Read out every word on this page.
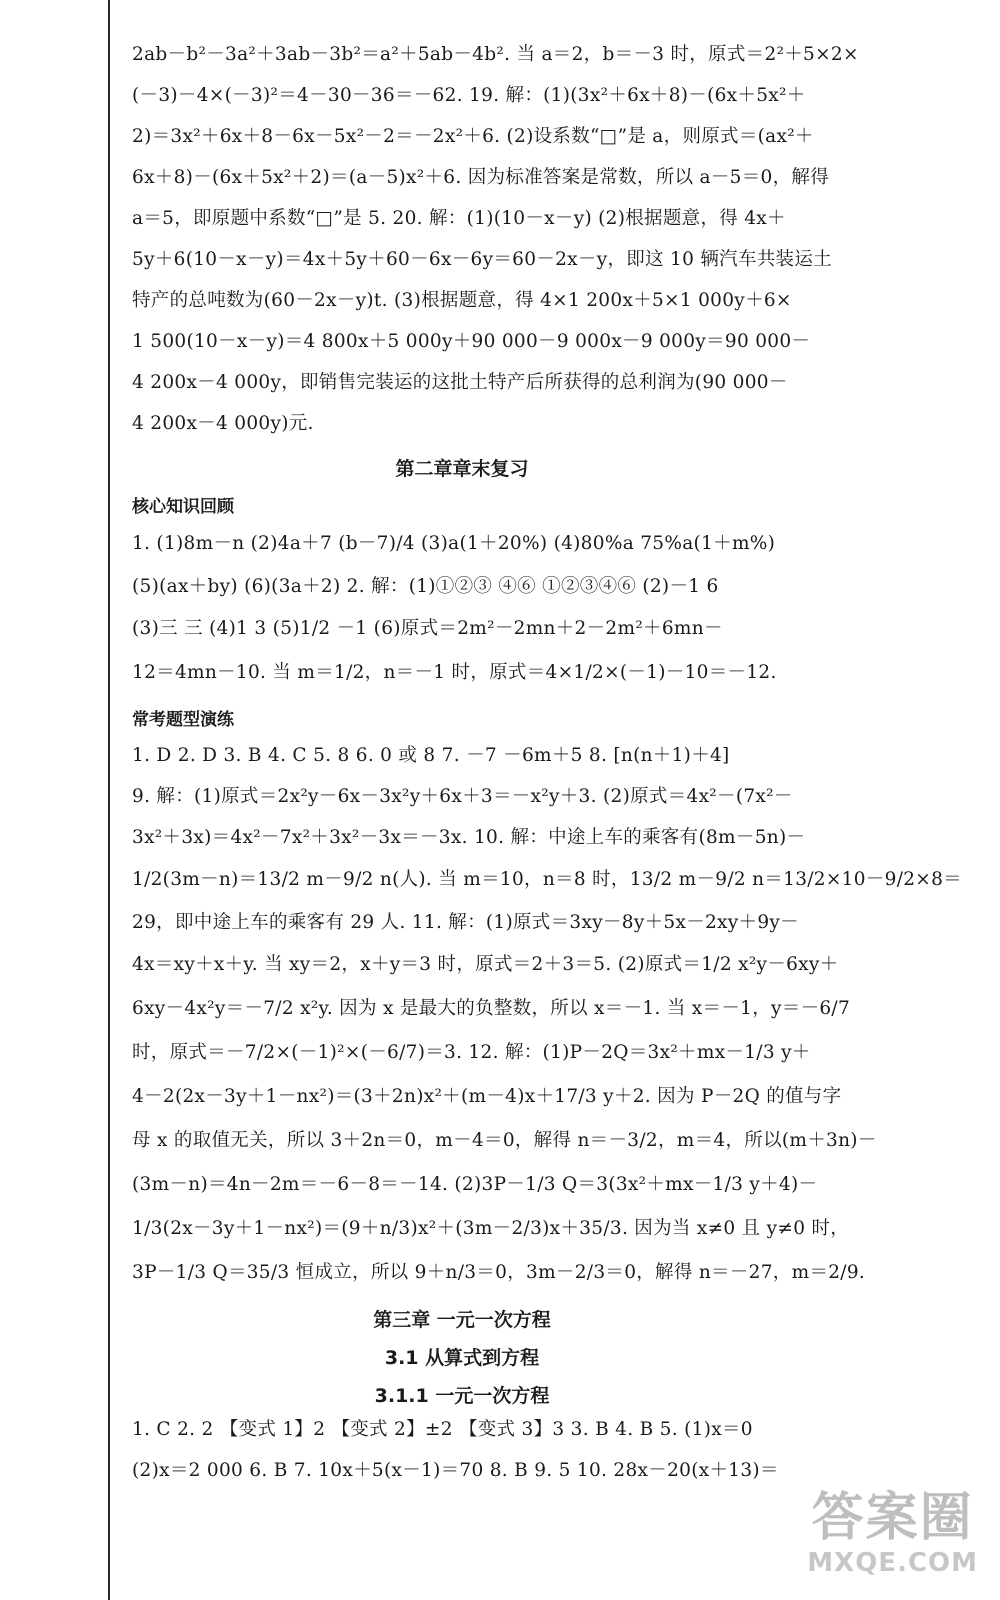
2ab－b²－3a²＋3ab－3b²＝a²＋5ab－4b². 当 a＝2，b＝－3 时，原式＝2²＋5×2×
(－3)－4×(－3)²＝4－30－36＝－62. 19. 解：(1)(3x²＋6x＋8)－(6x＋5x²＋
2)＝3x²＋6x＋8－6x－5x²－2＝－2x²＋6. (2)设系数“□”是 a，则原式＝(ax²＋
6x＋8)－(6x＋5x²＋2)＝(a－5)x²＋6. 因为标准答案是常数，所以 a－5＝0，解得
a＝5，即原题中系数“□”是 5. 20. 解：(1)(10－x－y) (2)根据题意，得 4x＋
5y＋6(10－x－y)＝4x＋5y＋60－6x－6y＝60－2x－y，即这 10 辆汽车共装运土
特产的总吨数为(60－2x－y)t. (3)根据题意，得 4×1 200x＋5×1 000y＋6×
1 500(10－x－y)＝4 800x＋5 000y＋90 000－9 000x－9 000y＝90 000－
4 200x－4 000y，即销售完装运的这批土特产后所获得的总利润为(90 000－
4 200x－4 000y)元.
第二章章末复习
核心知识回顾
1. (1)8m－n (2)4a＋7 (b－7)/4 (3)a(1＋20%) (4)80%a 75%a(1＋m%)
(5)(ax＋by) (6)(3a＋2) 2. 解：(1)①②③ ④⑥ ①②③④⑥ (2)－1 6
(3)三 三 (4)1 3 (5)1/2 －1 (6)原式＝2m²－2mn＋2－2m²＋6mn－
12＝4mn－10. 当 m＝1/2，n＝－1 时，原式＝4×1/2×(－1)－10＝－12.
常考题型演练
1. D 2. D 3. B 4. C 5. 8 6. 0 或 8 7. －7 －6m＋5 8. [n(n＋1)＋4]
9. 解：(1)原式＝2x²y－6x－3x²y＋6x＋3＝－x²y＋3. (2)原式＝4x²－(7x²－
3x²＋3x)＝4x²－7x²＋3x²－3x＝－3x. 10. 解：中途上车的乘客有(8m－5n)－
1/2(3m－n)＝13/2 m－9/2 n(人). 当 m＝10，n＝8 时，13/2 m－9/2 n＝13/2×10－9/2×8＝
29，即中途上车的乘客有 29 人. 11. 解：(1)原式＝3xy－8y＋5x－2xy＋9y－
4x＝xy＋x＋y. 当 xy＝2，x＋y＝3 时，原式＝2＋3＝5. (2)原式＝1/2 x²y－6xy＋
6xy－4x²y＝－7/2 x²y. 因为 x 是最大的负整数，所以 x＝－1. 当 x＝－1，y＝－6/7
时，原式＝－7/2×(－1)²×(－6/7)＝3. 12. 解：(1)P－2Q＝3x²＋mx－1/3 y＋
4－2(2x－3y＋1－nx²)＝(3＋2n)x²＋(m－4)x＋17/3 y＋2. 因为 P－2Q 的值与字
母 x 的取值无关，所以 3＋2n＝0，m－4＝0，解得 n＝－3/2，m＝4，所以(m＋3n)－
(3m－n)＝4n－2m＝－6－8＝－14. (2)3P－1/3 Q＝3(3x²＋mx－1/3 y＋4)－
1/3(2x－3y＋1－nx²)＝(9＋n/3)x²＋(3m－2/3)x＋35/3. 因为当 x≠0 且 y≠0 时，
3P－1/3 Q＝35/3 恒成立，所以 9＋n/3＝0，3m－2/3＝0，解得 n＝－27，m＝2/9.
第三章 一元一次方程
3.1 从算式到方程
3.1.1 一元一次方程
1. C 2. 2 【变式 1】2 【变式 2】±2 【变式 3】3 3. B 4. B 5. (1)x＝0
(2)x＝2 000 6. B 7. 10x＋5(x－1)＝70 8. B 9. 5 10. 28x－20(x＋13)＝
答案圈
MXQE.COM
